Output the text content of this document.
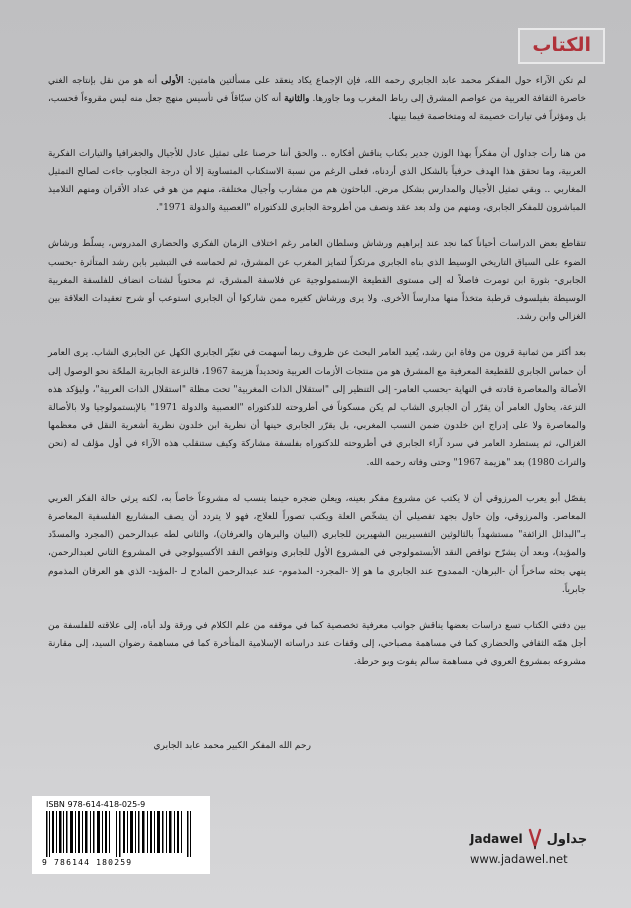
الكتاب

لم تكن الآراء حول المفكر محمد عابد الجابري رحمه الله، فإن الإجماع يكاد ينعقد على مسألتين هامتين: الأولى أنه هو من نقل بإنتاجه الغني خاصرة الثقافة العربية من عواصم المشرق إلى رباط المغرب وما جاورها. والثانية أنه كان سبّاقاً في تأسيس منهج جعل منه ليس مقروءاً فحسب، بل ومؤثراً في تيارات خصيمة له ومتخاصمة فيما بينها.

من هنا رأت جداول أن مفكراً بهذا الوزن جدير بكتاب يناقش أفكاره .. والحق أننا حرصنا على تمثيل عادل للأجيال والجغرافيا والتيارات الفكرية العربية، وما تحقق هذا الهدف حرفياً بالشكل الذي أردناه، فعلى الرغم من نسبة الاستكتاب المتساوية إلا أن درجة التجاوب جاءت لصالح التمثيل المغاربي .. وبقي تمثيل الأجيال والمدارس بشكل مرض. الباحثون هم من مشارب وأجيال مختلفة، منهم من هو في عداد الأقران ومنهم التلاميذ المباشرون للمفكر الجابري، ومنهم من ولد بعد عقد ونصف من أطروحة الجابري للدكتوراه "العصبية والدولة 1971".

تتقاطع بعض الدراسات أحياناً كما نجد عند إبراهيم ورشاش وسلطان العامر رغم اختلاف الزمان الفكري والحضاري المدروس، يسلّط ورشاش الضوء على السياق التاريخي الوسيط الذي بناه الجابري مرتكزاً لتمايز المغرب عن المشرق، ثم لحماسه في التبشير بابن رشد المتأثرة -بحسب الجابري- بثورة ابن تومرت فاصلاً له إلى مستوى القطيعة الإبستمولوجية عن فلاسفة المشرق، ثم محتوياً لشتات انضاف للفلسفة المغربية الوسيطة بفيلسوف قرطبة متخذاً منها مدارساً الأخرى. ولا يرى ورشاش كغيره ممن شاركوا أن الجابري استوعب أو شرح تعقيدات العلاقة بين الغزالي وابن رشد.

بعد أكثر من ثمانية قرون من وفاة ابن رشد، يُعيد العامر البحث عن ظروف ربما أسهمت في تغيّر الجابري الكهل عن الجابري الشاب. يرى العامر أن حماس الجابري للقطيعة المعرفية مع المشرق هو من منتجات الأزمات العربية وتحديداً هزيمة 1967، فالنزعة الجابرية الملحّة نحو الوصول إلى الأصالة والمعاصرة قادته في النهاية -بحسب العامر- إلى التنظير إلى "استقلال الذات المغربية" تحت مظلة "استقلال الذات العربية"، وليؤكد هذه النزعة، يحاول العامر أن يقرّر أن الجابري الشاب لم يكن مسكوناً في أطروحته للدكتوراه "العصبية والدولة 1971" بالإبستمولوجيا ولا بالأصالة والمعاصرة ولا على إدراج ابن خلدون ضمن النسب المغربي، بل يقرّر الجابري حينها أن نظرية ابن خلدون نظرية أشعرية النقل في معظمها الغزالي، ثم يستطرد العامر في سرد آراء الجابري في أطروحته للدكتوراه بفلسفة مشاركة وكيف ستنقلب هذه الآراء في أول مؤلف له (نحن والتراث 1980) بعد "هزيمة 1967" وحتى وفاته رحمه الله.

يفصّل أبو يعرب المرزوقي أن لا يكتب عن مشروع مفكر بعينه، ويعلن ضجره حينما ينسب له مشروعاً خاصاً به، لكنه يرثي حالة الفكر العربي المعاصر. والمرزوقي، وإن حاول بجهد تفصيلي أن يشخّص العلة ويكتب تصوراً للعلاج، فهو لا يتردد أن يصف المشاريع الفلسفية المعاصرة بـ"البدائل الزائفة" مستشهداً بالثالوثين التفسيريين الشهيرين للجابري (البيان والبرهان والعرفان)، والثاني لطه عبدالرحمن (المجرد والمسدّد والمؤيد)، وبعد أن يشرّح نواقص النقد الأبستمولوجي في المشروع الأول للجابري ونواقص النقد الأكسيولوجي في المشروع الثاني لعبدالرحمن، ينهي بحثه ساخراً أن -البرهان- الممدوح عند الجابري ما هو إلا -المجرد- المذموم- عند عبدالرحمن المادح لـ -المؤيد- الذي هو العرفان المذموم جابرياً.

بين دفتي الكتاب تسع دراسات بعضها يناقش جوانب معرفية تخصصية كما في موقفه من علم الكلام في ورقة ولد أباه، إلى علاقته للفلسفة من أجل همّه الثقافي والحضاري كما في مساهمة مصباحي، إلى وقفات عند دراساته الإسلامية المتأخرة كما في مساهمة رضوان السيد، إلى مقارنة مشروعه بمشروع العروي في مساهمة سالم يفوت وبو حرطة.

رحم الله المفكر الكبير محمد عابد الجابري
ISBN 978-614-418-025-9
9 786144 180259
Jadawel جداول
www.jadawel.net
